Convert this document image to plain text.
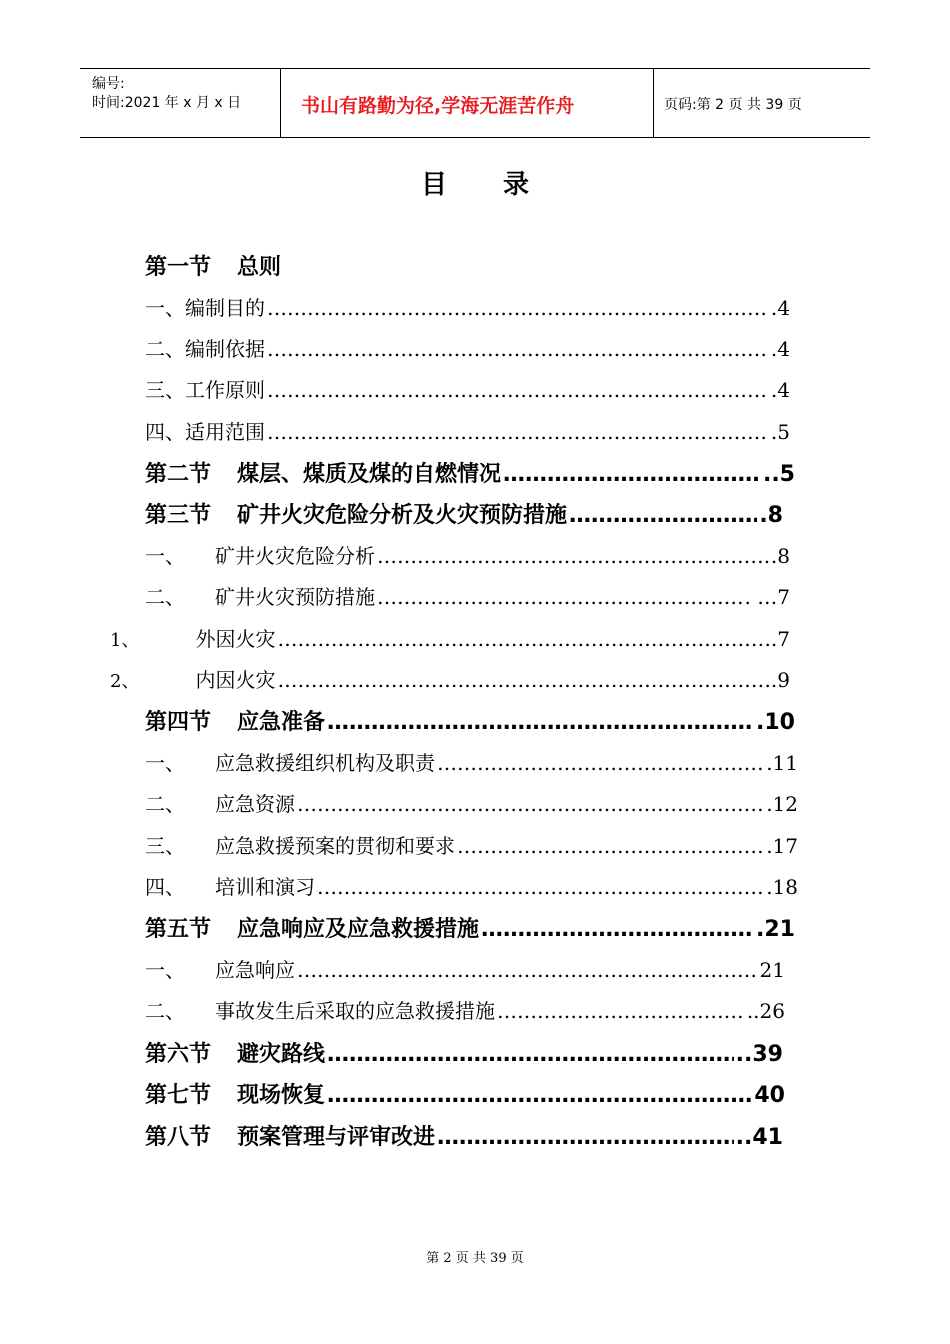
编号:
时间:2021 年 x 月 x 日	书山有路勤为径,学海无涯苦作舟	页码:第 2 页 共 39 页
目录
第一节 总则
一、 编制目的 ……………………………………………………………………………………………………………………………………………………	.4
二、 编制依据 ……………………………………………………………………………………………………………………………………………………	.4
三、 工作原则 ……………………………………………………………………………………………………………………………………………………	.4
四、 适用范围 ……………………………………………………………………………………………………………………………………………………	.5
第二节 煤层、煤质及煤的自燃情况 ……………………………………………………………………………………………………………………………………………………	..5
第三节 矿井火灾危险分析及火灾预防措施 ……………………………………………………………………………………………………………………………………………………	.8
一、 矿井火灾危险分析 ……………………………………………………………………………………………………………………………………………………	.8
二、 矿井火灾预防措施 ……………………………………………………………………………………………………………………………………………………	. …7
1、	外因火灾 ……………………………………………………………………………………………………………………………………………………	..7
2、	内因火灾 ……………………………………………………………………………………………………………………………………………………	..9
第四节 应急准备 ……………………………………………………………………………………………………………………………………………………	.10
一、 应急救援组织机构及职责 ……………………………………………………………………………………………………………………………………………………	.11
二、 应急资源 ……………………………………………………………………………………………………………………………………………………	.12
三、 应急救援预案的贯彻和要求 ……………………………………………………………………………………………………………………………………………………	.17
四、 培训和演习 ……………………………………………………………………………………………………………………………………………………	.18
第五节 应急响应及应急救援措施 ……………………………………………………………………………………………………………………………………………………	.21
一、 应急响应 ……………………………………………………………………………………………………………………………………………………	21
二、 事故发生后采取的应急救援措施 ……………………………………………………………………………………………………………………………………………………	..26
第六节 避灾路线 ……………………………………………………………………………………………………………………………………………………	..39
第七节 现场恢复 ……………………………………………………………………………………………………………………………………………………	40
第八节 预案管理与评审改进 ……………………………………………………………………………………………………………………………………………………	..41
第 2 页 共 39 页
